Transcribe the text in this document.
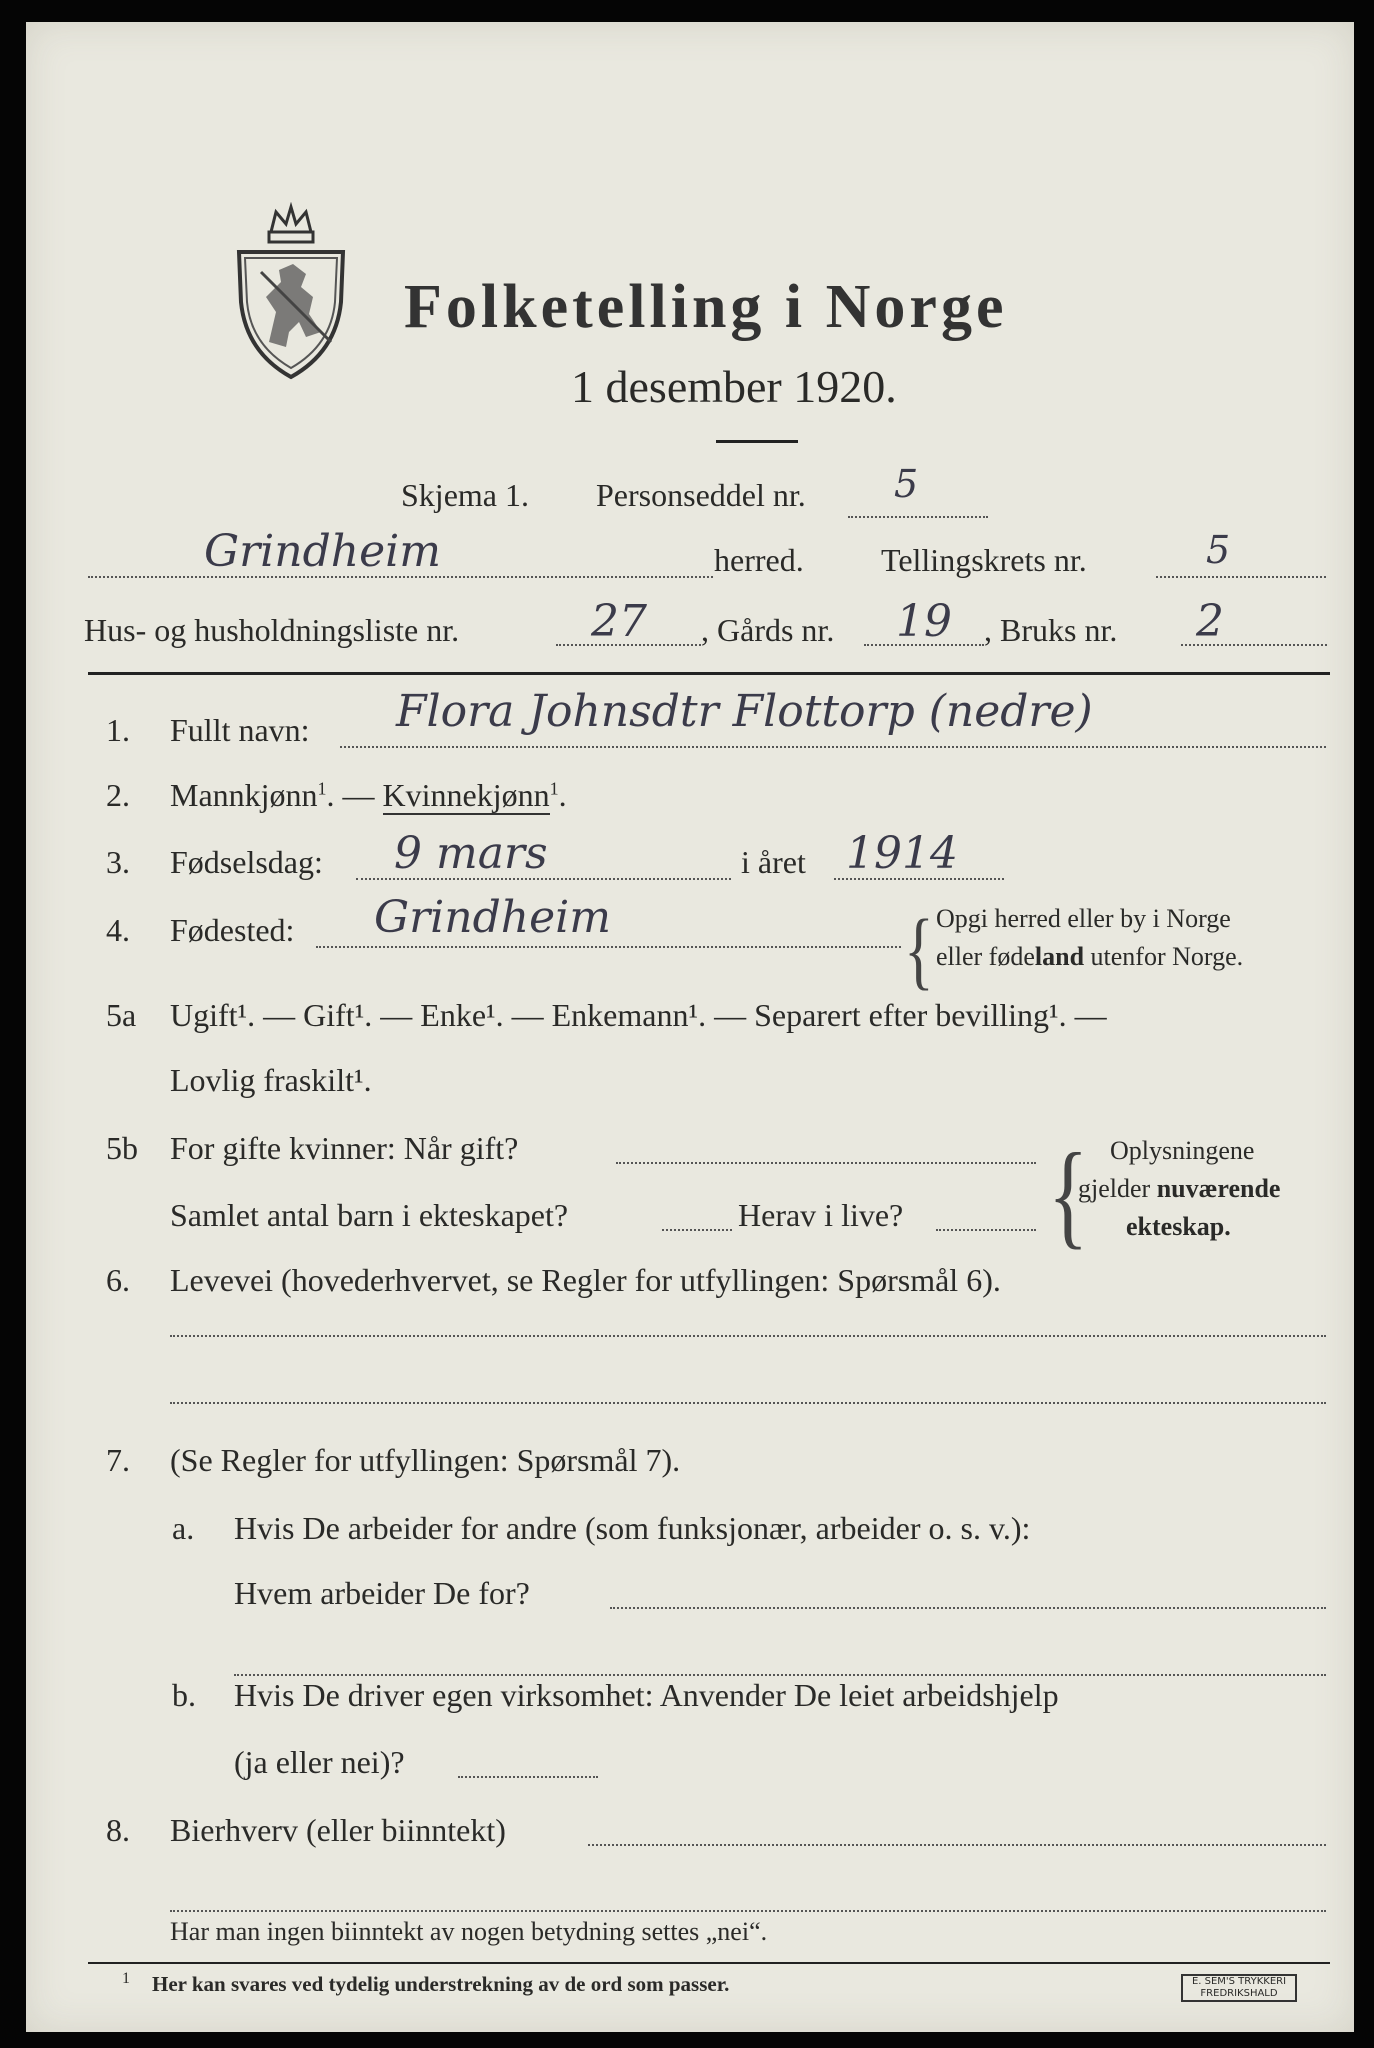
Folketelling i Norge
1 desember 1920.
Skjema 1. Personseddel nr. 5
Grindheim	herred. Tellingskrets nr.	5
Hus- og husholdningsliste nr.	27 , Gårds nr. 19 , Bruks nr. 2
1. Fullt navn: Flora Johnsdtr Flottorp (nedre)
2. Mannkjønn$^1$. — Kvinnekjønn$^1$.
3. Fødselsdag: 9 mars	i året 1914
4. Fødested: Grindheim	{ Opgi herred eller by i Norge
eller fødeland utenfor Norge.
5a Ugift¹. — Gift¹. — Enke¹. — Enkemann¹. — Separert efter bevilling¹. —
Lovlig fraskilt¹.
5b For gifte kvinner: Når gift?
Samlet antal barn i ekteskapet?	Herav i live? { Oplysningene
gjelder nuværende
ekteskap.
6. Levevei (hovederhvervet, se Regler for utfyllingen: Spørsmål 6).
7. (Se Regler for utfyllingen: Spørsmål 7).
a. Hvis De arbeider for andre (som funksjonær, arbeider o. s. v.):
Hvem arbeider De for?
b. Hvis De driver egen virksomhet: Anvender De leiet arbeidshjelp
(ja eller nei)?
8. Bierhverv (eller biinntekt)
Har man ingen biinntekt av nogen betydning settes „nei“.
1 Her kan svares ved tydelig understrekning av de ord som passer.	E. SEM'S TRYKKERI
FREDRIKSHALD
